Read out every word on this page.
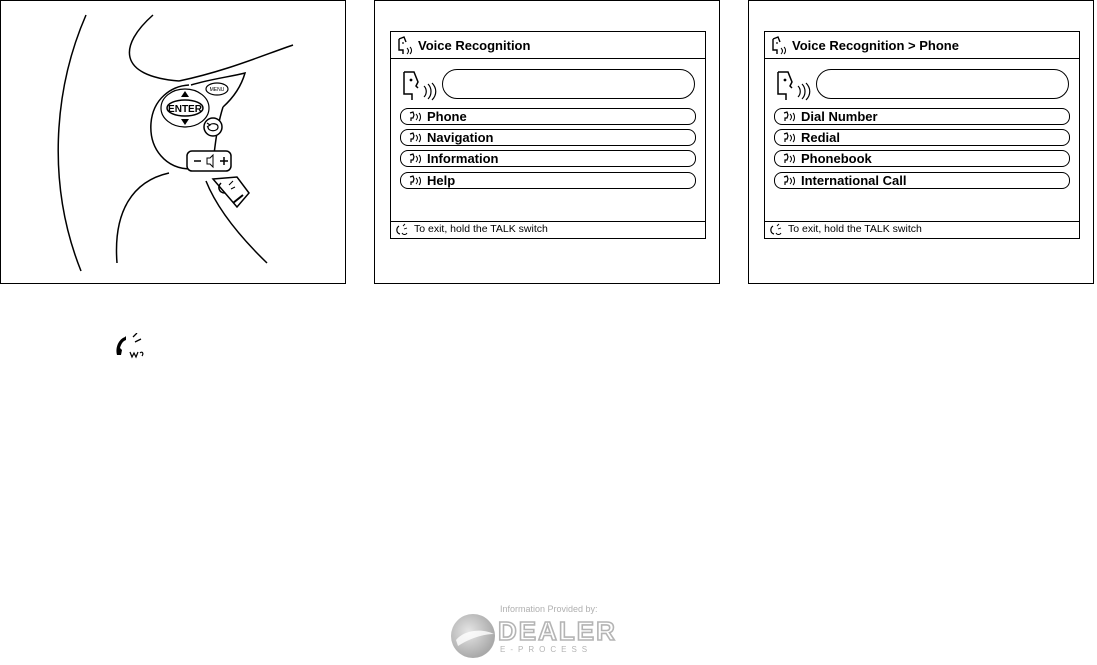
ENTER
MENU
Voice Recognition
Phone
Navigation
Information
Help
To exit, hold the TALK switch
Voice Recognition > Phone
Dial Number
Redial
Phonebook
International Call
To exit, hold the TALK switch
Information Provided by:
DEALER
E-PROCESS
